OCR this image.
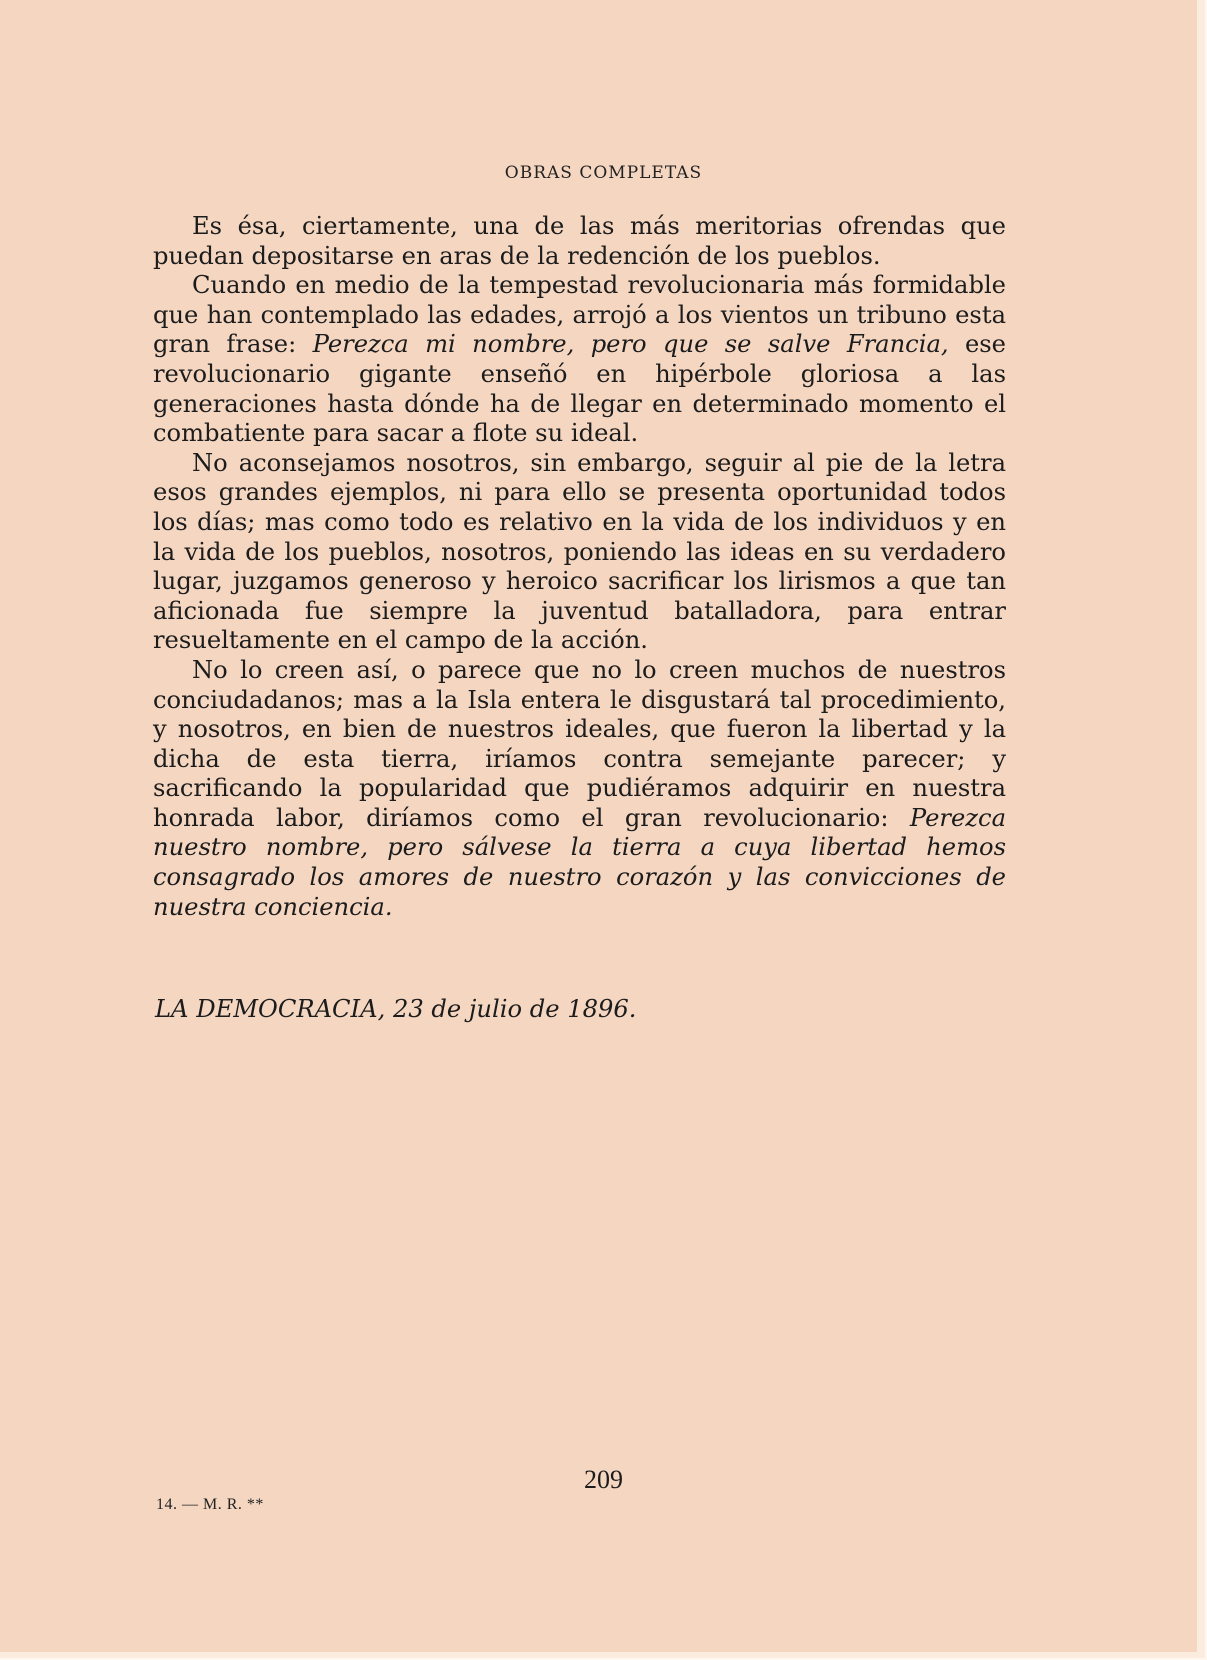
OBRAS COMPLETAS

Es ésa, ciertamente, una de las más meritorias ofrendas que puedan depositarse en aras de la redención de los pueblos.

Cuando en medio de la tempestad revolucionaria más formidable que han contemplado las edades, arrojó a los vientos un tribuno esta gran frase: Perezca mi nombre, pero que se salve Francia, ese revolucionario gigante enseñó en hipérbole gloriosa a las generaciones hasta dónde ha de llegar en determinado momento el combatiente para sacar a flote su ideal.

No aconsejamos nosotros, sin embargo, seguir al pie de la letra esos grandes ejemplos, ni para ello se presenta oportunidad todos los días; mas como todo es relativo en la vida de los individuos y en la vida de los pueblos, nosotros, poniendo las ideas en su verdadero lugar, juzgamos generoso y heroico sacrificar los lirismos a que tan aficionada fue siempre la juventud batalladora, para entrar resueltamente en el campo de la acción.

No lo creen así, o parece que no lo creen muchos de nuestros conciudadanos; mas a la Isla entera le disgustará tal procedimiento, y nosotros, en bien de nuestros ideales, que fueron la libertad y la dicha de esta tierra, iríamos contra semejante parecer; y sacrificando la popularidad que pudiéramos adquirir en nuestra honrada labor, diríamos como el gran revolucionario: Perezca nuestro nombre, pero sálvese la tierra a cuya libertad hemos consagrado los amores de nuestro corazón y las convicciones de nuestra conciencia.

LA DEMOCRACIA, 23 de julio de 1896.
209
14. — M. R. **
